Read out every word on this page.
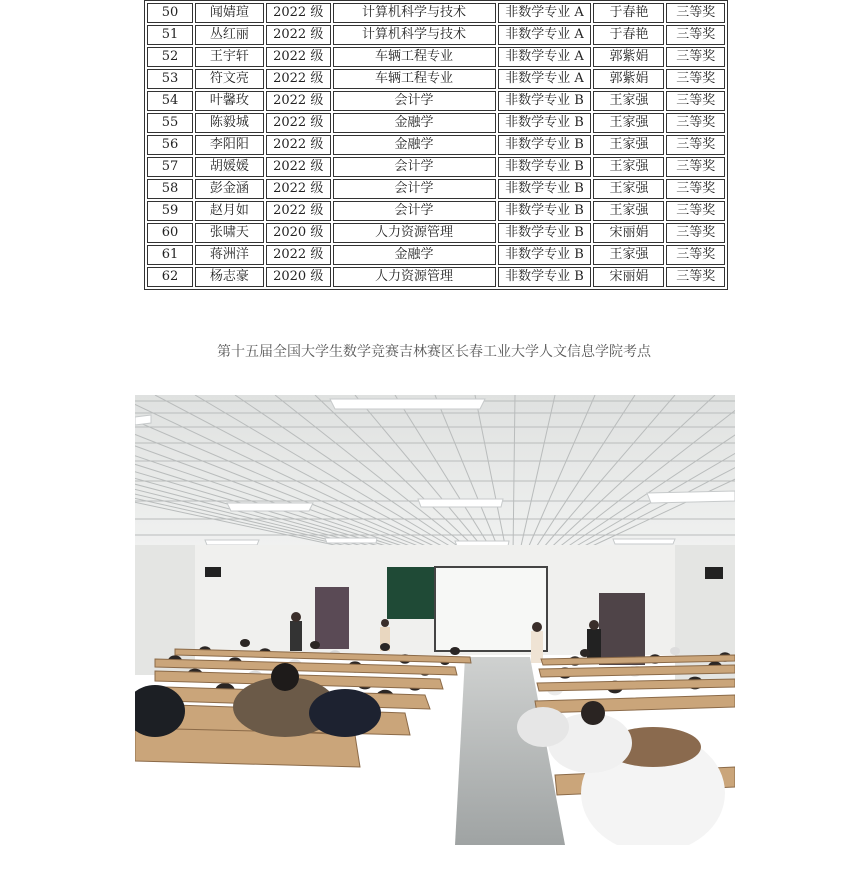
50	闻婧瑄	2022 级	计算机科学与技术	非数学专业 A	于春艳	三等奖
51	丛红丽	2022 级	计算机科学与技术	非数学专业 A	于春艳	三等奖
52	王宇轩	2022 级	车辆工程专业	非数学专业 A	郭紫娟	三等奖
53	符文亮	2022 级	车辆工程专业	非数学专业 A	郭紫娟	三等奖
54	叶馨玫	2022 级	会计学	非数学专业 B	王家强	三等奖
55	陈毅城	2022 级	金融学	非数学专业 B	王家强	三等奖
56	李阳阳	2022 级	金融学	非数学专业 B	王家强	三等奖
57	胡媛媛	2022 级	会计学	非数学专业 B	王家强	三等奖
58	彭金涵	2022 级	会计学	非数学专业 B	王家强	三等奖
59	赵月如	2022 级	会计学	非数学专业 B	王家强	三等奖
60	张啸天	2020 级	人力资源管理	非数学专业 B	宋丽娟	三等奖
61	蒋洲洋	2022 级	金融学	非数学专业 B	王家强	三等奖
62	杨志豪	2020 级	人力资源管理	非数学专业 B	宋丽娟	三等奖
第十五届全国大学生数学竞赛吉林赛区长春工业大学人文信息学院考点
